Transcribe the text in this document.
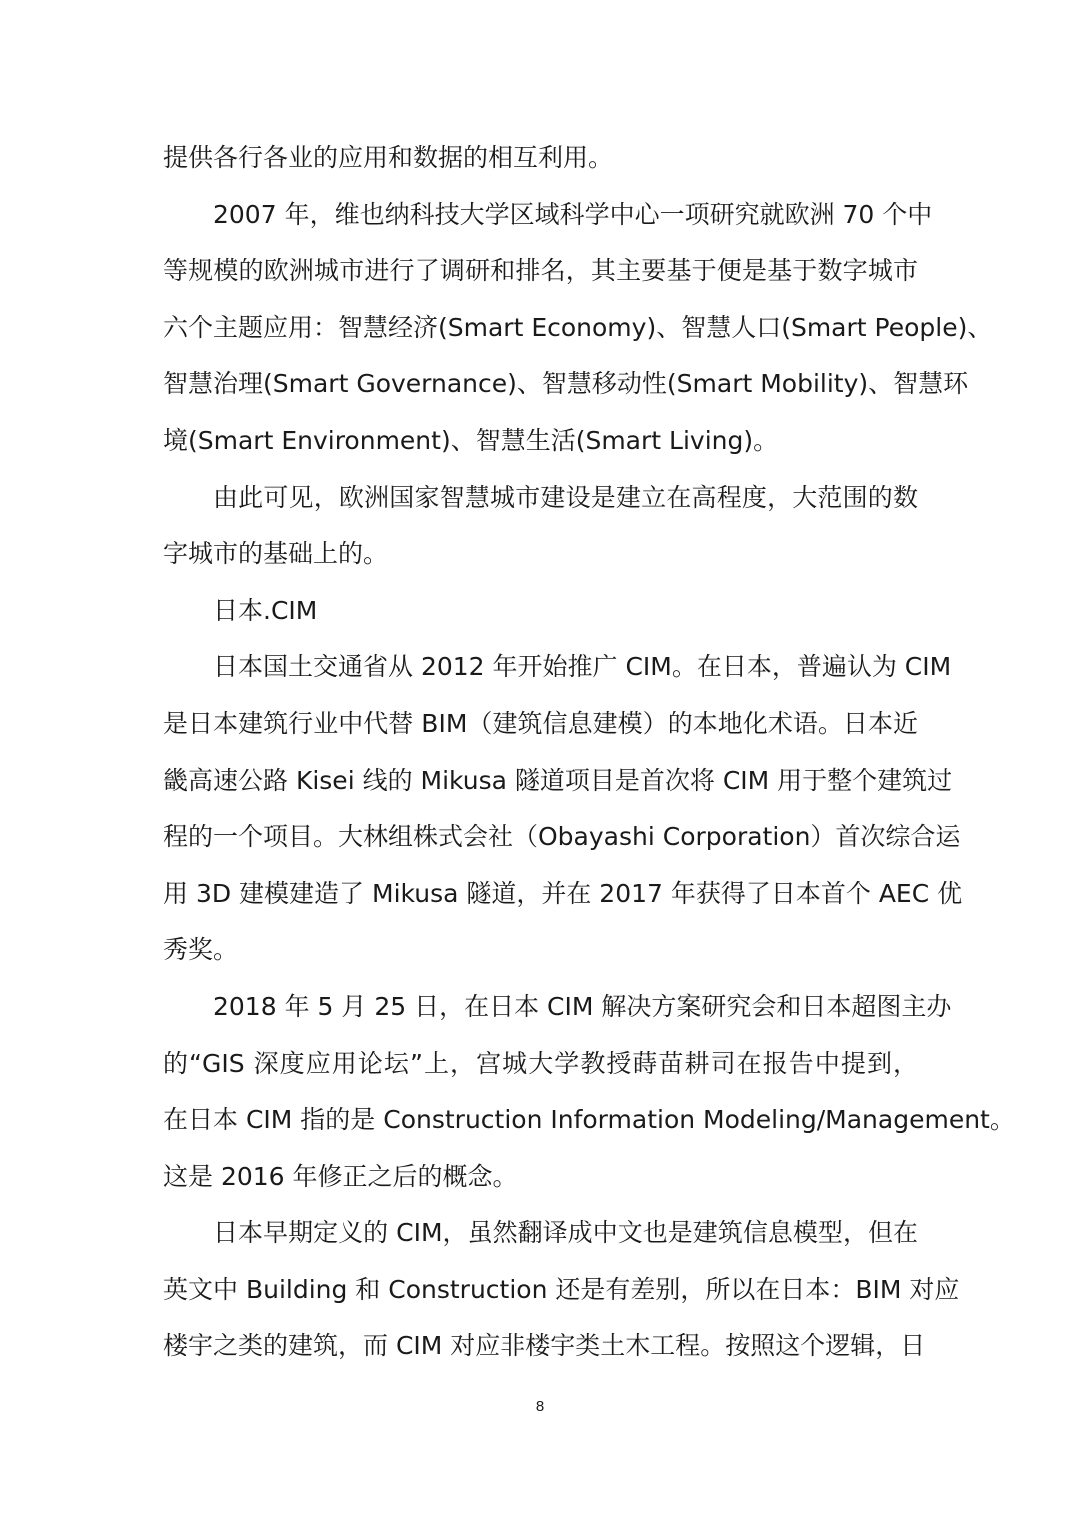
提供各行各业的应用和数据的相互利用。
2007 年，维也纳科技大学区域科学中心一项研究就欧洲 70 个中
等规模的欧洲城市进行了调研和排名，其主要基于便是基于数字城市
六个主题应用：智慧经济(Smart Economy)、智慧人口(Smart People)、
智慧治理(Smart Governance)、智慧移动性(Smart Mobility)、智慧环
境(Smart Environment)、智慧生活(Smart Living)。
由此可见，欧洲国家智慧城市建设是建立在高程度，大范围的数
字城市的基础上的。
日本.CIM
日本国土交通省从 2012 年开始推广 CIM。在日本，普遍认为 CIM
是日本建筑行业中代替 BIM（建筑信息建模）的本地化术语。日本近
畿高速公路 Kisei 线的 Mikusa 隧道项目是首次将 CIM 用于整个建筑过
程的一个项目。大林组株式会社（Obayashi Corporation）首次综合运
用 3D 建模建造了 Mikusa 隧道，并在 2017 年获得了日本首个 AEC 优
秀奖。
2018 年 5 月 25 日，在日本 CIM 解决方案研究会和日本超图主办
的“GIS 深度应用论坛”上，宫城大学教授蒔苗耕司在报告中提到，
在日本 CIM 指的是 Construction Information Modeling/Management。
这是 2016 年修正之后的概念。
日本早期定义的 CIM，虽然翻译成中文也是建筑信息模型，但在
英文中 Building 和 Construction 还是有差别，所以在日本：BIM 对应
楼宇之类的建筑，而 CIM 对应非楼宇类土木工程。按照这个逻辑，日
8
